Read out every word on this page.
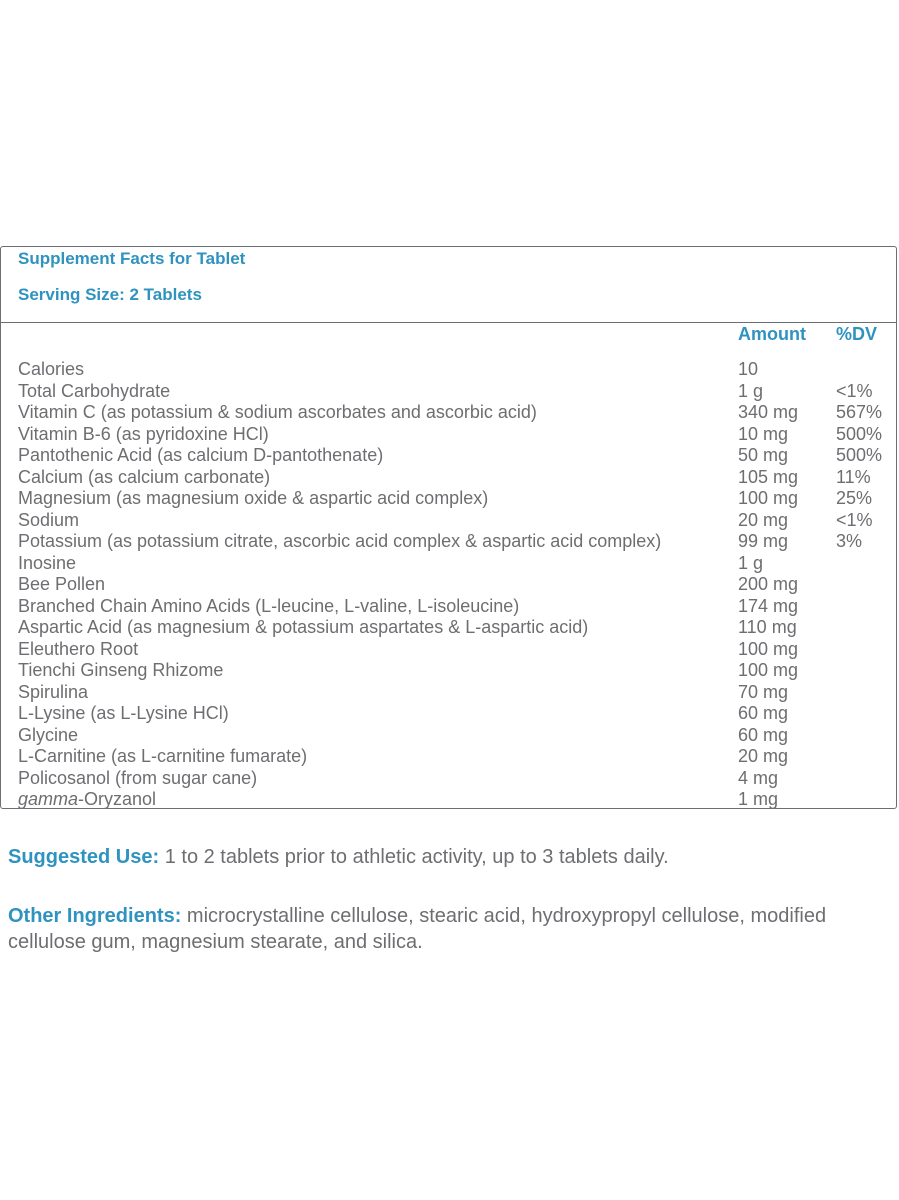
Supplement Facts for Tablet
Serving Size: 2 Tablets
Amount %DV
Calories	10
Total Carbohydrate	1 g	<1%
Vitamin C (as potassium & sodium ascorbates and ascorbic acid)	340 mg 567%
Vitamin B-6 (as pyridoxine HCl)	10 mg	500%
Pantothenic Acid (as calcium D-pantothenate)	50 mg	500%
Calcium (as calcium carbonate)	105 mg 11%
Magnesium (as magnesium oxide & aspartic acid complex)	100 mg 25%
Sodium	20 mg	<1%
Potassium (as potassium citrate, ascorbic acid complex & aspartic acid complex)	99 mg	3%
Inosine	1 g
Bee Pollen	200 mg
Branched Chain Amino Acids (L-leucine, L-valine, L-isoleucine)	174 mg
Aspartic Acid (as magnesium & potassium aspartates & L-aspartic acid)	110 mg
Eleuthero Root	100 mg
Tienchi Ginseng Rhizome	100 mg
Spirulina	70 mg
L-Lysine (as L-Lysine HCl)	60 mg
Glycine	60 mg
L-Carnitine (as L-carnitine fumarate)	20 mg
Policosanol (from sugar cane)	4 mg
gamma-Oryzanol	1 mg
Suggested Use: 1 to 2 tablets prior to athletic activity, up to 3 tablets daily.
Other Ingredients: microcrystalline cellulose, stearic acid, hydroxypropyl cellulose, modified cellulose gum, magnesium stearate, and silica.
